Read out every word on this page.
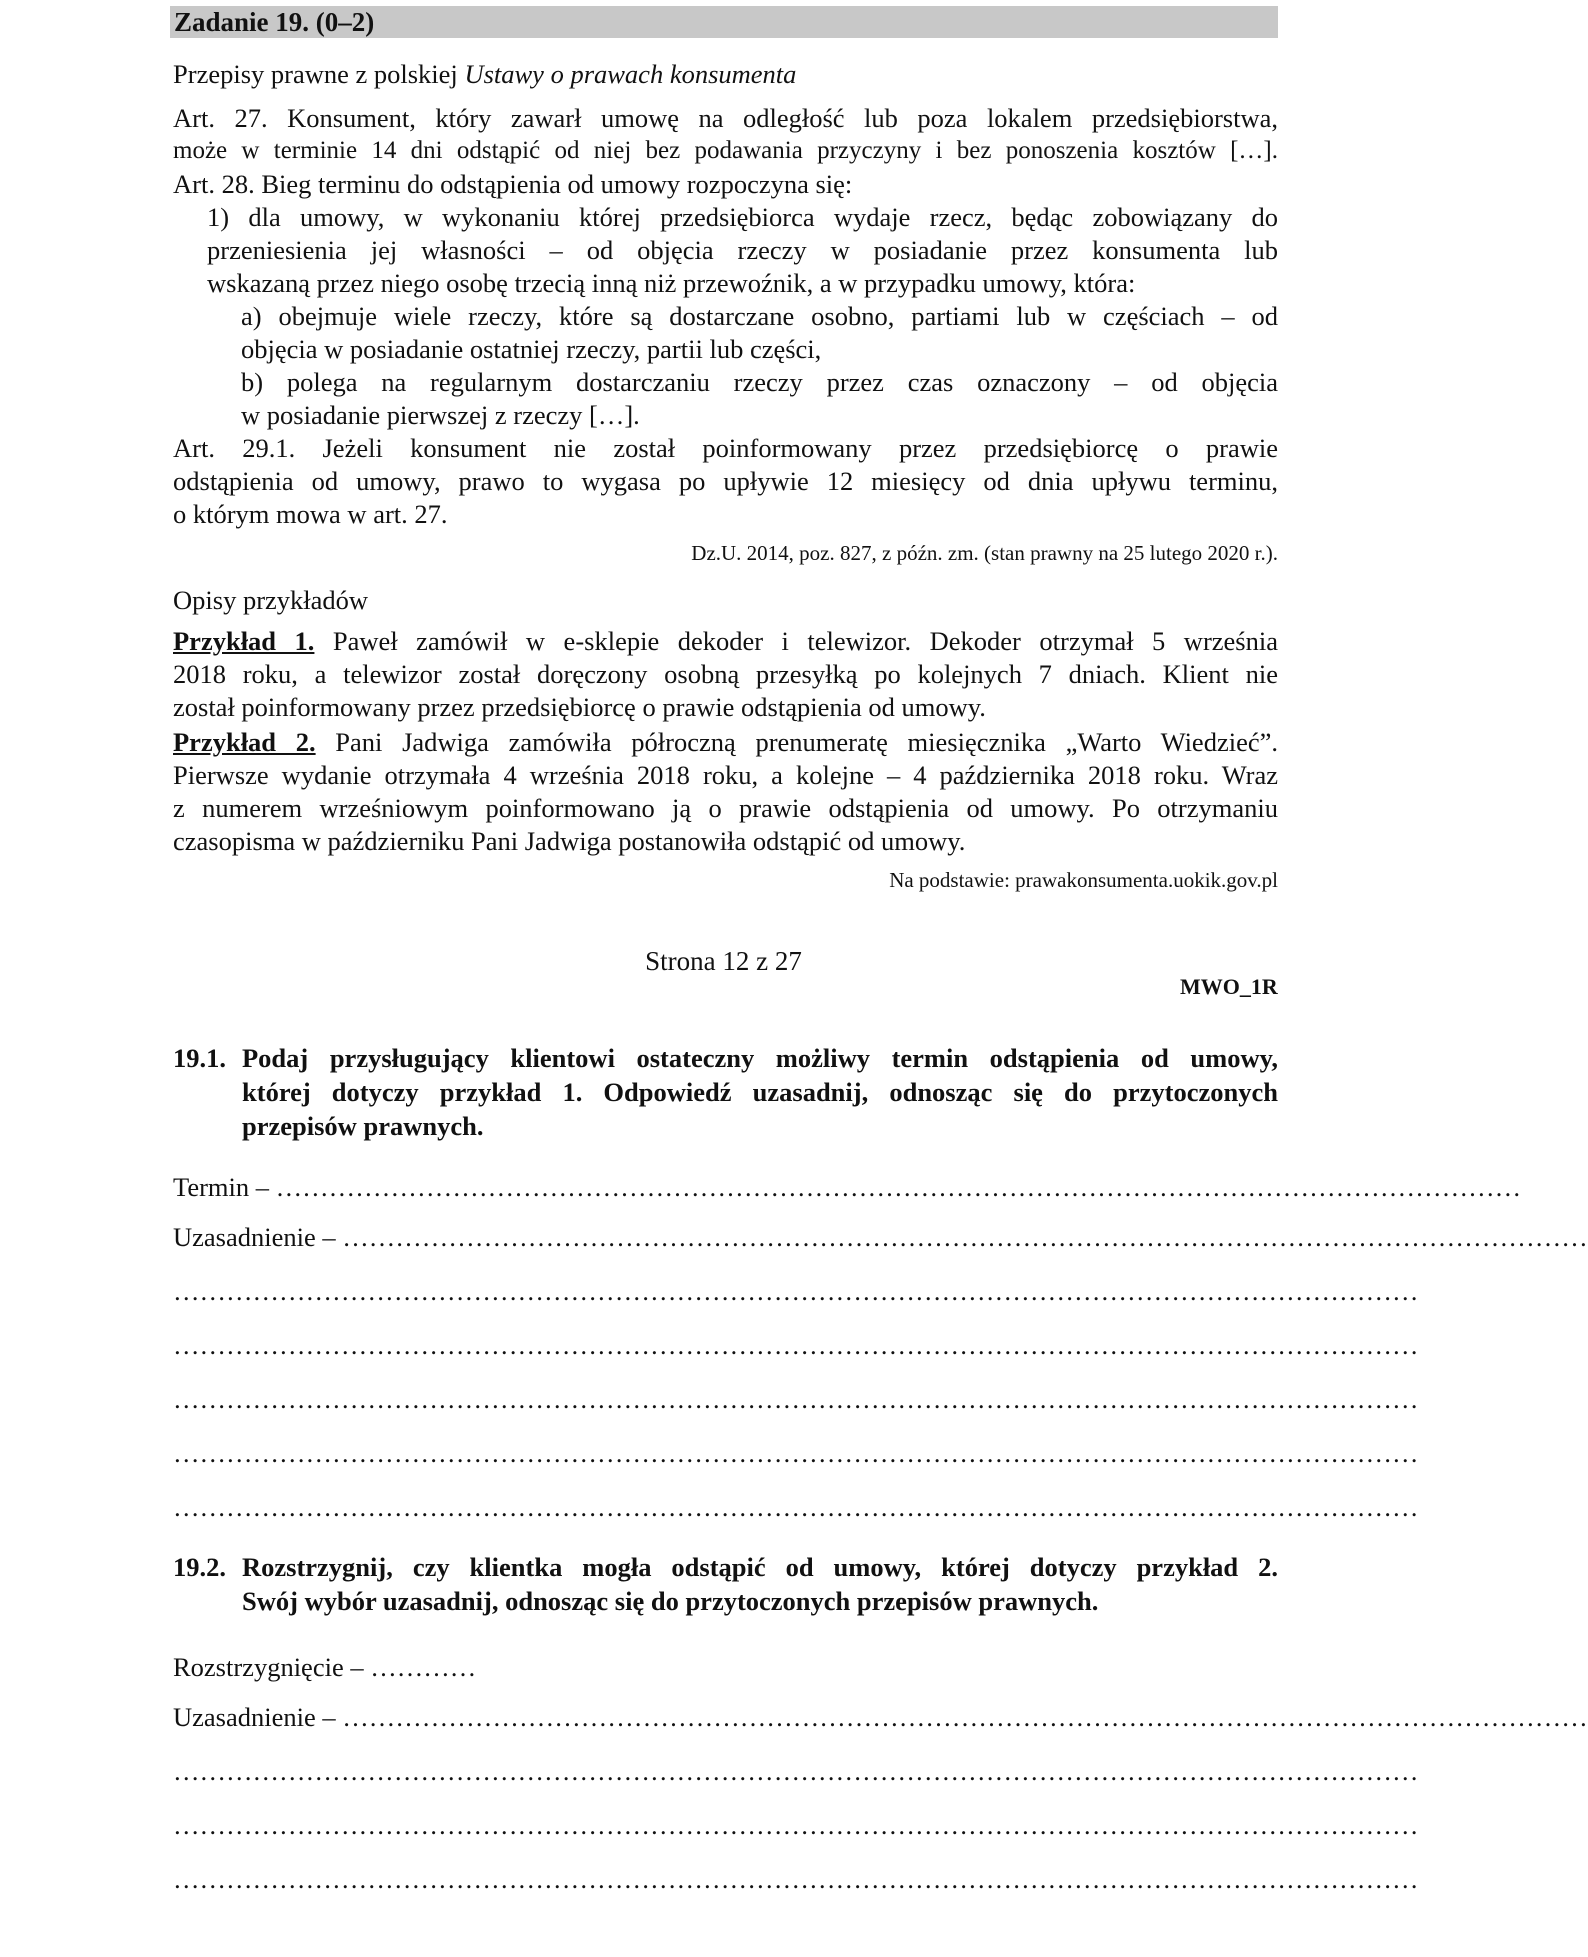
Zadanie 19. (0–2)
Przepisy prawne z polskiej Ustawy o prawach konsumenta
Art. 27. Konsument, który zawarł umowę na odległość lub poza lokalem przedsiębiorstwa,
może w terminie 14 dni odstąpić od niej bez podawania przyczyny i bez ponoszenia kosztów […].
Art. 28. Bieg terminu do odstąpienia od umowy rozpoczyna się:
1) dla umowy, w wykonaniu której przedsiębiorca wydaje rzecz, będąc zobowiązany do
przeniesienia jej własności – od objęcia rzeczy w posiadanie przez konsumenta lub
wskazaną przez niego osobę trzecią inną niż przewoźnik, a w przypadku umowy, która:
a) obejmuje wiele rzeczy, które są dostarczane osobno, partiami lub w częściach – od
objęcia w posiadanie ostatniej rzeczy, partii lub części,
b) polega na regularnym dostarczaniu rzeczy przez czas oznaczony – od objęcia
w posiadanie pierwszej z rzeczy […].
Art. 29.1. Jeżeli konsument nie został poinformowany przez przedsiębiorcę o prawie
odstąpienia od umowy, prawo to wygasa po upływie 12 miesięcy od dnia upływu terminu,
o którym mowa w art. 27.
Dz.U. 2014, poz. 827, z późn. zm. (stan prawny na 25 lutego 2020 r.).
Opisy przykładów
Przykład 1. Paweł zamówił w e-sklepie dekoder i telewizor. Dekoder otrzymał 5 września
2018 roku, a telewizor został doręczony osobną przesyłką po kolejnych 7 dniach. Klient nie
został poinformowany przez przedsiębiorcę o prawie odstąpienia od umowy.
Przykład 2. Pani Jadwiga zamówiła półroczną prenumeratę miesięcznika „Warto Wiedzieć”.
Pierwsze wydanie otrzymała 4 września 2018 roku, a kolejne – 4 października 2018 roku. Wraz
z numerem wrześniowym poinformowano ją o prawie odstąpienia od umowy. Po otrzymaniu
czasopisma w październiku Pani Jadwiga postanowiła odstąpić od umowy.
Na podstawie: prawakonsumenta.uokik.gov.pl
Strona 12 z 27
MWO_1R
19.1. Podaj przysługujący klientowi ostateczny możliwy termin odstąpienia od umowy,
której dotyczy przykład 1. Odpowiedź uzasadnij, odnosząc się do przytoczonych
przepisów prawnych.
Termin – ……………………………………………………………………………………………………………………………
Uzasadnienie – ……………………………………………………………………………………………………………………………
……………………………………………………………………………………………………………………………
……………………………………………………………………………………………………………………………
……………………………………………………………………………………………………………………………
……………………………………………………………………………………………………………………………
……………………………………………………………………………………………………………………………
19.2. Rozstrzygnij, czy klientka mogła odstąpić od umowy, której dotyczy przykład 2.
Swój wybór uzasadnij, odnosząc się do przytoczonych przepisów prawnych.
Rozstrzygnięcie – …………
Uzasadnienie – ……………………………………………………………………………………………………………………………
……………………………………………………………………………………………………………………………
……………………………………………………………………………………………………………………………
……………………………………………………………………………………………………………………………
